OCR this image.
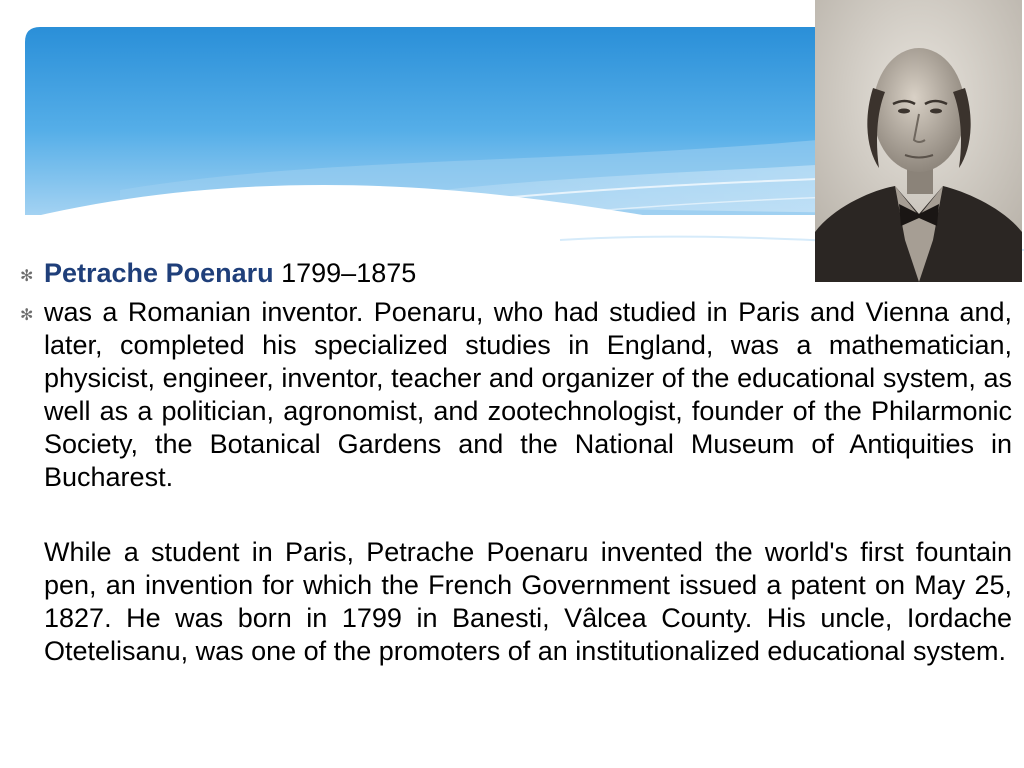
✻ Petrache Poenaru 1799–1875

✻ was a Romanian inventor. Poenaru, who had studied in Paris and Vienna and, later, completed his specialized studies in England, was a mathematician, physicist, engineer, inventor, teacher and organizer of the educational system, as well as a politician, agronomist, and zootechnologist, founder of the Philarmonic Society, the Botanical Gardens and the National Museum of Antiquities in Bucharest.

While a student in Paris, Petrache Poenaru invented the world's first fountain pen, an invention for which the French Government issued a patent on May 25, 1827. He was born in 1799 in Banesti, Vâlcea County. His uncle, Iordache Otetelisanu, was one of the promoters of an institutionalized educational system.
